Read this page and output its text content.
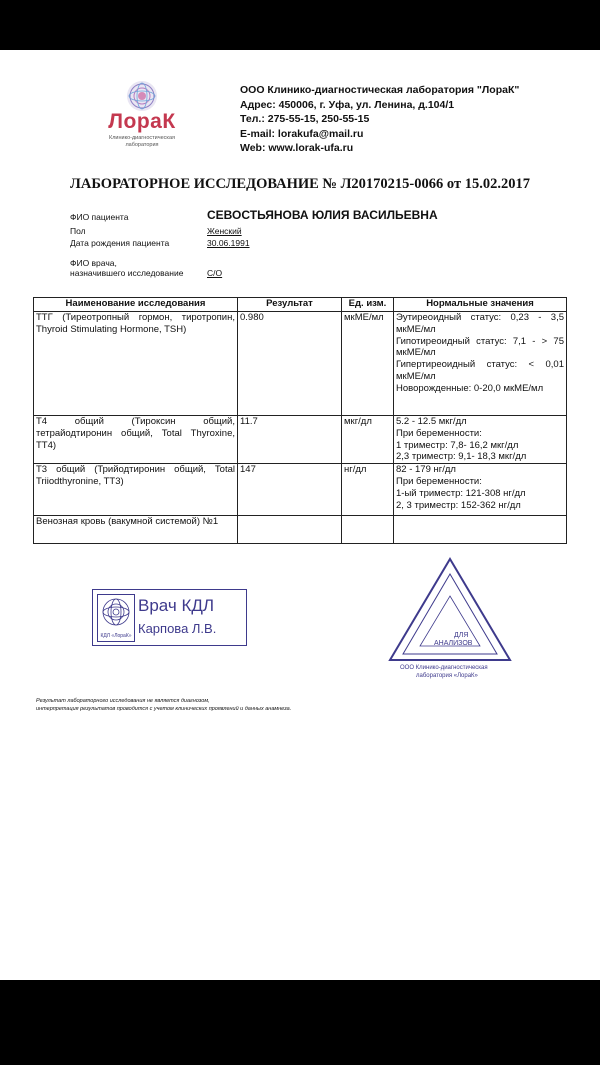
ЛораК
Клинико-диагностическая
лаборатория
ООО Клинико-диагностическая лаборатория "ЛораК"
Адрес: 450006, г. Уфа, ул. Ленина, д.104/1
Тел.: 275-55-15, 250-55-15
E-mail: lorakufa@mail.ru
Web: www.lorak-ufa.ru
ЛАБОРАТОРНОЕ ИССЛЕДОВАНИЕ № Л20170215-0066 от 15.02.2017
ФИО пациента	СЕВОСТЬЯНОВА ЮЛИЯ ВАСИЛЬЕВНА
Пол	Женский
Дата рождения пациента	30.06.1991
ФИО врача,
назначившего исследование	С/О
Наименование исследования	Результат	Ед. изм.	Нормальные значения
ТТГ (Тиреотропный гормон, тиротропин, Thyroid Stimulating Hormone, TSH)	0.980	мкМЕ/мл	Эутиреоидный статус: 0,23 - 3,5 мкМЕ/мл
Гипотиреоидный статус: 7,1 - > 75 мкМЕ/мл
Гипертиреоидный статус: < 0,01 мкМЕ/мл
Новорожденные: 0-20,0 мкМЕ/мл

Т4 общий (Тироксин общий, тетрайодтиронин общий, Total Thyroxine, TT4)	11.7	мкг/дл	5.2 - 12.5 мкг/дл
При беременности:
1 триместр: 7,8- 16,2 мкг/дл
2,3 триместр: 9,1- 18,3 мкг/дл

Т3 общий (Трийодтиронин общий, Total Triiodthyronine, TT3)	147	нг/дл	82 - 179 нг/дл
При беременности:
1-ый триместр: 121-308 нг/дл
2, 3 триместр: 152-362 нг/дл

Венозная кровь (вакумной системой) №1			
КДЛ «ЛораК»
Врач КДЛ
Карпова Л.В.	ДЛЯ
АНАЛИЗОВ
ООО Клинико-диагностическая
лаборатория «ЛораК»
Результат лабораторного исследования не является диагнозом,
интерпретация результатов проводится с учетом клинических проявлений и данных анамнеза.
